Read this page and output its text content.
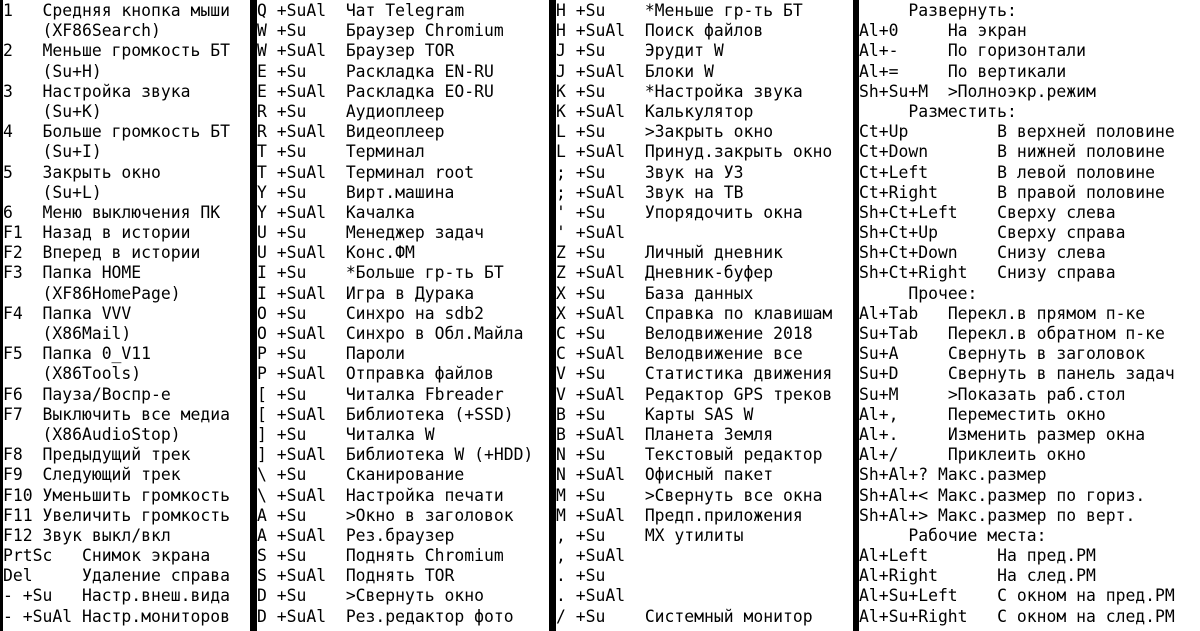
1   Средняя кнопка мыши
(XF86Search)
2   Меньше громкость БТ
(Su+H)
3   Настройка звука
(Su+K)
4   Больше громкость БТ
(Su+I)
5   Закрыть окно
(Su+L)
6   Меню выключения ПК
F1  Назад в истории
F2  Вперед в истории
F3  Папка HOME
(XF86HomePage)
F4  Папка VVV
(X86Mail)
F5  Папка 0_V11
(X86Tools)
F6  Пауза/Воспр-е
F7  Выключить все медиа
(X86AudioStop)
F8  Предыдущий трек
F9  Следующий трек
F10 Уменьшить громкость
F11 Увеличить громкость
F12 Звук выкл/вкл
PrtSc   Снимок экрана
Del     Удаление справа
- +Su   Настр.внеш.вида
- +SuAl Настр.мониторов
Q +SuAl  Чат Telegram
W +Su    Браузер Chromium
W +SuAl  Браузер TOR
E +Su    Раскладка EN-RU
E +SuAl  Раскладка EO-RU
R +Su    Аудиоплеер
R +SuAl  Видеоплеер
T +Su    Терминал
T +SuAl  Терминал root
Y +Su    Вирт.машина
Y +SuAl  Качалка
U +Su    Менеджер задач
U +SuAl  Конс.ФМ
I +Su    *Больше гр-ть БТ
I +SuAl  Игра в Дурака
O +Su    Синхро на sdb2
O +SuAl  Синхро в Обл.Майла
P +Su    Пароли
P +SuAl  Отправка файлов
[ +Su    Читалка Fbreader
[ +SuAl  Библиотека (+SSD)
] +Su    Читалка W
] +SuAl  Библиотека W (+HDD)
\ +Su    Сканирование
\ +SuAl  Настройка печати
A +Su    >Окно в заголовок
A +SuAl  Рез.браузер
S +Su    Поднять Chromium
S +SuAl  Поднять TOR
D +Su    >Свернуть окно
D +SuAl  Рез.редактор фото
H +Su    *Меньше гр-ть БТ
H +SuAl  Поиск файлов
J +Su    Эрудит W
J +SuAl  Блоки W
K +Su    *Настройка звука
K +SuAl  Калькулятор
L +Su    >Закрыть окно
L +SuAl  Принуд.закрыть окно
; +Su    Звук на УЗ
; +SuAl  Звук на ТВ
' +Su    Упорядочить окна
' +SuAl
Z +Su    Личный дневник
Z +SuAl  Дневник-буфер
X +Su    База данных
X +SuAl  Справка по клавишам
C +Su    Велодвижение 2018
C +SuAl  Велодвижение все
V +Su    Статистика движения
V +SuAl  Редактор GPS треков
B +Su    Карты SAS W
B +SuAl  Планета Земля
N +Su    Текстовый редактор
N +SuAl  Офисный пакет
M +Su    >Свернуть все окна
M +SuAl  Предп.приложения
, +Su    MX утилиты
, +SuAl
. +Su
. +SuAl
/ +Su    Системный монитор
Развернуть:
Al+0     На экран
Al+-     По горизонтали
Al+=     По вертикали
Sh+Su+M  >Полноэкр.режим
Разместить:
Ct+Up         В верхней половине
Ct+Down       В нижней половине
Ct+Left       В левой половине
Ct+Right      В правой половине
Sh+Ct+Left    Сверху слева
Sh+Ct+Up      Сверху справа
Sh+Ct+Down    Снизу слева
Sh+Ct+Right   Снизу справа
Прочее:
Al+Tab   Перекл.в прямом п-ке
Su+Tab   Перекл.в обратном п-ке
Su+A     Свернуть в заголовок
Su+D     Свернуть в панель задач
Su+M     >Показать раб.стол
Al+,     Переместить окно
Al+.     Изменить размер окна
Al+/     Приклеить окно
Sh+Al+? Макс.размер
Sh+Al+< Макс.размер по гориз.
Sh+Al+> Макс.размер по верт.
Рабочие места:
Al+Left       На пред.РМ
Al+Right      На след.РМ
Al+Su+Left    С окном на пред.РМ
Al+Su+Right   С окном на след.РМ
